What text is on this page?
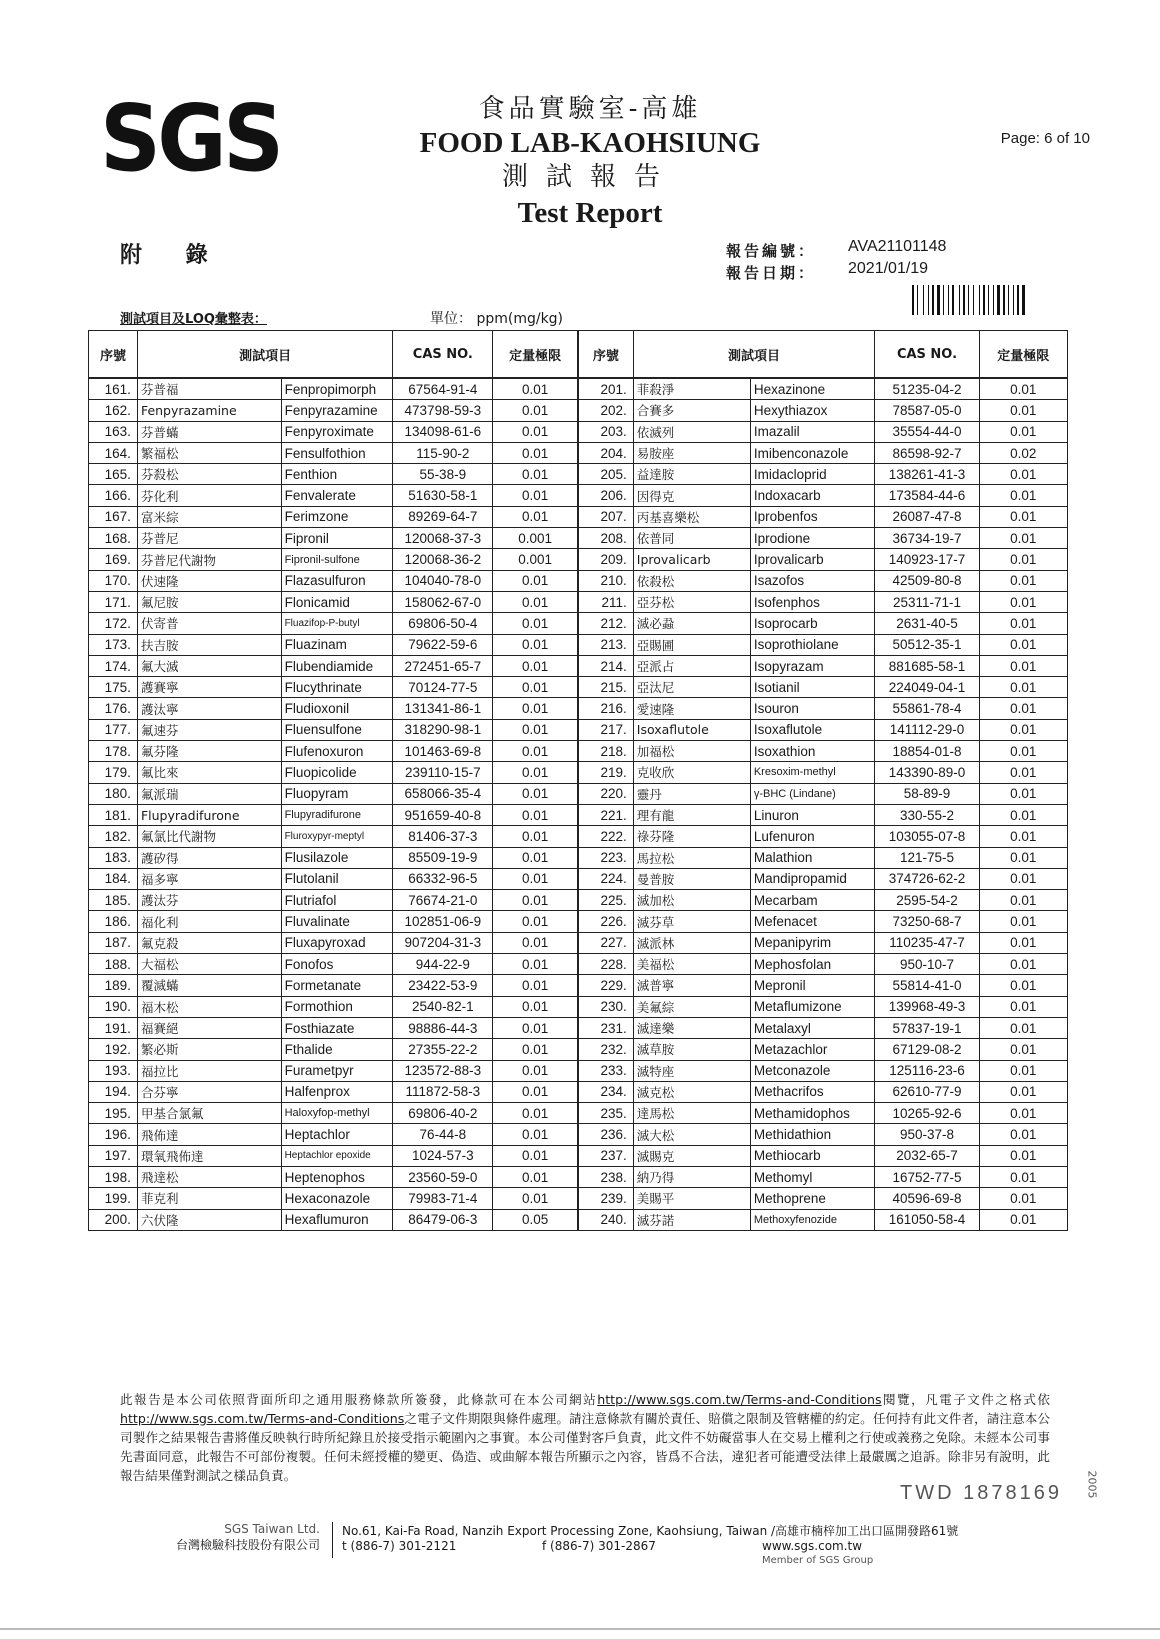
SGS	食品實驗室-高雄
FOOD LAB-KAOHSIUNG
測試報告
Test Report
Page: 6 of 10
附 錄	報告編號： AVA21101148
報告日期： 2021/01/19
測試項目及LOQ彙整表：	單位： ppm(mg/kg)
序號	測試項目		CAS NO.	定量極限	序號	測試項目		CAS NO.	定量極限
161.	芬普福	Fenpropimorph	67564-91-4	0.01	201.	菲殺淨	Hexazinone	51235-04-2	0.01
162.	Fenpyrazamine	Fenpyrazamine	473798-59-3	0.01	202.	合賽多	Hexythiazox	78587-05-0	0.01
163.	芬普蟎	Fenpyroximate	134098-61-6	0.01	203.	依滅列	Imazalil	35554-44-0	0.01
164.	繁福松	Fensulfothion	115-90-2	0.01	204.	易胺座	Imibenconazole	86598-92-7	0.02
165.	芬殺松	Fenthion	55-38-9	0.01	205.	益達胺	Imidacloprid	138261-41-3	0.01
166.	芬化利	Fenvalerate	51630-58-1	0.01	206.	因得克	Indoxacarb	173584-44-6	0.01
167.	富米綜	Ferimzone	89269-64-7	0.01	207.	丙基喜樂松	Iprobenfos	26087-47-8	0.01
168.	芬普尼	Fipronil	120068-37-3	0.001	208.	依普同	Iprodione	36734-19-7	0.01
169.	芬普尼代謝物	Fipronil-sulfone	120068-36-2	0.001	209.	Iprovalicarb	Iprovalicarb	140923-17-7	0.01
170.	伏速隆	Flazasulfuron	104040-78-0	0.01	210.	依殺松	Isazofos	42509-80-8	0.01
171.	氟尼胺	Flonicamid	158062-67-0	0.01	211.	亞芬松	Isofenphos	25311-71-1	0.01
172.	伏寄普	Fluazifop-P-butyl	69806-50-4	0.01	212.	滅必蝨	Isoprocarb	2631-40-5	0.01
173.	扶吉胺	Fluazinam	79622-59-6	0.01	213.	亞賜圃	Isoprothiolane	50512-35-1	0.01
174.	氟大滅	Flubendiamide	272451-65-7	0.01	214.	亞派占	Isopyrazam	881685-58-1	0.01
175.	護賽寧	Flucythrinate	70124-77-5	0.01	215.	亞汰尼	Isotianil	224049-04-1	0.01
176.	護汰寧	Fludioxonil	131341-86-1	0.01	216.	愛速隆	Isouron	55861-78-4	0.01
177.	氟速芬	Fluensulfone	318290-98-1	0.01	217.	Isoxaflutole	Isoxaflutole	141112-29-0	0.01
178.	氟芬隆	Flufenoxuron	101463-69-8	0.01	218.	加福松	Isoxathion	18854-01-8	0.01
179.	氟比來	Fluopicolide	239110-15-7	0.01	219.	克收欣	Kresoxim-methyl	143390-89-0	0.01
180.	氟派瑞	Fluopyram	658066-35-4	0.01	220.	靈丹	γ-BHC (Lindane)	58-89-9	0.01
181.	Flupyradifurone	Flupyradifurone	951659-40-8	0.01	221.	理有龍	Linuron	330-55-2	0.01
182.	氟氯比代謝物	Fluroxypyr-meptyl	81406-37-3	0.01	222.	祿芬隆	Lufenuron	103055-07-8	0.01
183.	護矽得	Flusilazole	85509-19-9	0.01	223.	馬拉松	Malathion	121-75-5	0.01
184.	福多寧	Flutolanil	66332-96-5	0.01	224.	曼普胺	Mandipropamid	374726-62-2	0.01
185.	護汰芬	Flutriafol	76674-21-0	0.01	225.	滅加松	Mecarbam	2595-54-2	0.01
186.	福化利	Fluvalinate	102851-06-9	0.01	226.	滅芬草	Mefenacet	73250-68-7	0.01
187.	氟克殺	Fluxapyroxad	907204-31-3	0.01	227.	滅派林	Mepanipyrim	110235-47-7	0.01
188.	大福松	Fonofos	944-22-9	0.01	228.	美福松	Mephosfolan	950-10-7	0.01
189.	覆滅蟎	Formetanate	23422-53-9	0.01	229.	滅普寧	Mepronil	55814-41-0	0.01
190.	福木松	Formothion	2540-82-1	0.01	230.	美氟綜	Metaflumizone	139968-49-3	0.01
191.	福賽絕	Fosthiazate	98886-44-3	0.01	231.	滅達樂	Metalaxyl	57837-19-1	0.01
192.	繁必斯	Fthalide	27355-22-2	0.01	232.	滅草胺	Metazachlor	67129-08-2	0.01
193.	福拉比	Furametpyr	123572-88-3	0.01	233.	滅特座	Metconazole	125116-23-6	0.01
194.	合芬寧	Halfenprox	111872-58-3	0.01	234.	滅克松	Methacrifos	62610-77-9	0.01
195.	甲基合氯氟	Haloxyfop-methyl	69806-40-2	0.01	235.	達馬松	Methamidophos	10265-92-6	0.01
196.	飛佈達	Heptachlor	76-44-8	0.01	236.	滅大松	Methidathion	950-37-8	0.01
197.	環氧飛佈達	Heptachlor epoxide	1024-57-3	0.01	237.	滅賜克	Methiocarb	2032-65-7	0.01
198.	飛達松	Heptenophos	23560-59-0	0.01	238.	納乃得	Methomyl	16752-77-5	0.01
199.	菲克利	Hexaconazole	79983-71-4	0.01	239.	美賜平	Methoprene	40596-69-8	0.01
200.	六伏隆	Hexaflumuron	86479-06-3	0.05	240.	滅芬諾	Methoxyfenozide	161050-58-4	0.01
此報告是本公司依照背面所印之通用服務條款所簽發，此條款可在本公司網站http://www.sgs.com.tw/Terms-and-Conditions閱覽，凡電子文件之格式依http://www.sgs.com.tw/Terms-and-Conditions之電子文件期限與條件處理。請注意條款有關於責任、賠償之限制及管轄權的約定。任何持有此文件者，請注意本公司製作之結果報告書將僅反映執行時所紀錄且於接受指示範圍內之事實。本公司僅對客戶負責，此文件不妨礙當事人在交易上權利之行使或義務之免除。未經本公司事先書面同意，此報告不可部份複製。任何未經授權的變更、偽造、或曲解本報告所顯示之內容，皆爲不合法，違犯者可能遭受法律上最嚴厲之追訴。除非另有說明，此報告結果僅對測試之樣品負責。
TWD 1878169 2005
SGS Taiwan Ltd.
台灣檢驗科技股份有限公司
No.61, Kai-Fa Road, Nanzih Export Processing Zone, Kaohsiung, Taiwan /高雄市楠梓加工出口區開發路61號
t (886-7) 301-2121	f (886-7) 301-2867	www.sgs.com.tw
Member of SGS Group
